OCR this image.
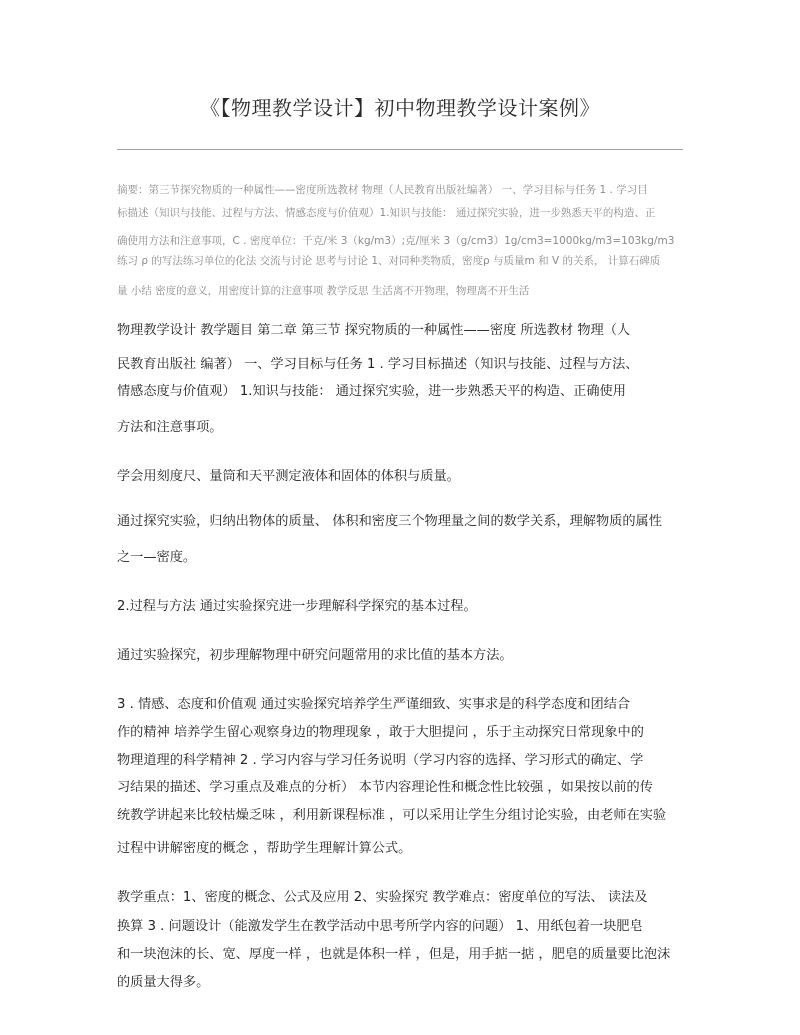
《【物理教学设计】初中物理教学设计案例》

摘要：第三节探究物质的一种属性——密度所选教材 物理（人民教育出版社编著） 一、学习目标与任务 1 . 学习目

标描述（知识与技能、过程与方法、情感态度与价值观）1.知识与技能： 通过探究实验，进一步熟悉天平的构造、正

确使用方法和注意事项，C . 密度单位：千克/米 3（kg/m3）;克/厘米 3（g/cm3）1g/cm3=1000kg/m3=103kg/m3

练习 ρ 的写法练习单位的化法 交流与讨论 思考与讨论 1、对同种类物质，密度ρ 与质量m 和 V 的关系， 计算石碑质

量 小结 密度的意义，用密度计算的注意事项 教学反思 生活离不开物理，物理离不开生活

物理教学设计 教学题目 第二章 第三节 探究物质的一种属性——密度 所选教材 物理（人

民教育出版社 编著） 一、学习目标与任务 1 . 学习目标描述（知识与技能、过程与方法、

情感态度与价值观） 1.知识与技能： 通过探究实验，进一步熟悉天平的构造、正确使用

方法和注意事项。

学会用刻度尺、量筒和天平测定液体和固体的体积与质量。

通过探究实验，归纳出物体的质量、 体积和密度三个物理量之间的数学关系，理解物质的属性

之一—密度。

2.过程与方法 通过实验探究进一步理解科学探究的基本过程。

通过实验探究，初步理解物理中研究问题常用的求比值的基本方法。

3 . 情感、态度和价值观 通过实验探究培养学生严谨细致、实事求是的科学态度和团结合

作的精神 培养学生留心观察身边的物理现象 ，敢于大胆提问 ，乐于主动探究日常现象中的

物理道理的科学精神 2 . 学习内容与学习任务说明（学习内容的选择、学习形式的确定、学

习结果的描述、学习重点及难点的分析） 本节内容理论性和概念性比较强 ，如果按以前的传

统教学讲起来比较枯燥乏味 ，利用新课程标准 ，可以采用让学生分组讨论实验，由老师在实验

过程中讲解密度的概念 ，帮助学生理解计算公式。

教学重点：1、密度的概念、公式及应用 2、实验探究 教学难点：密度单位的写法、 读法及

换算 3 . 问题设计（能激发学生在教学活动中思考所学内容的问题） 1、用纸包着一块肥皂

和一块泡沫的长、宽、厚度一样 ，也就是体积一样 ，但是，用手掂一掂 ，肥皂的质量要比泡沫

的质量大得多。
